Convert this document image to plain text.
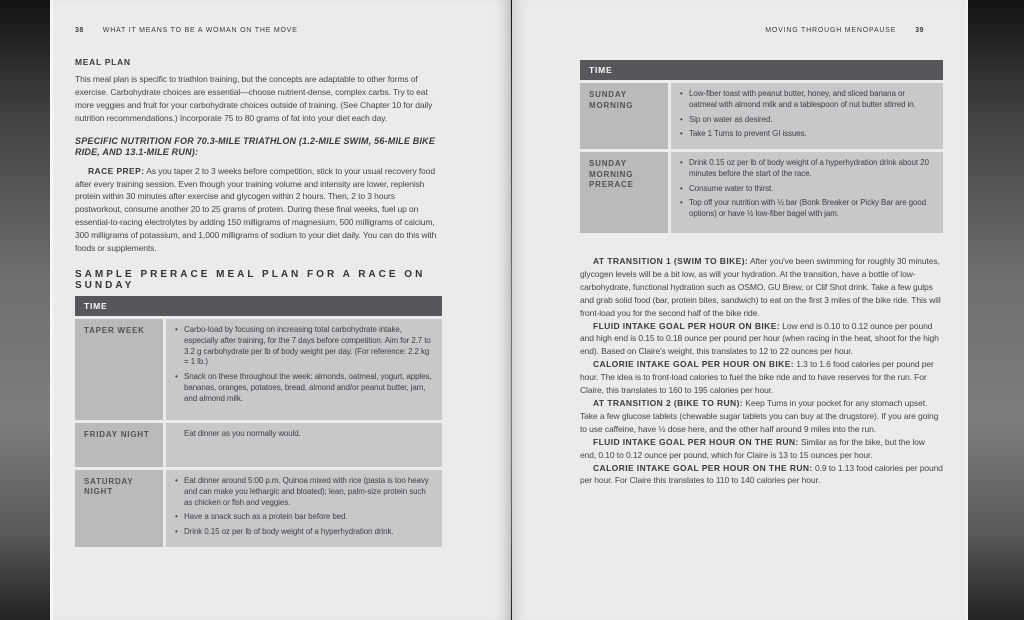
38	WHAT IT MEANS TO BE A WOMAN ON THE MOVE
MEAL PLAN

This meal plan is specific to triathlon training, but the concepts are adaptable to other forms of exercise. Carbohydrate choices are essential—choose nutrient-dense, complex carbs. Try to eat more veggies and fruit for your carbohydrate choices outside of training. (See Chapter 10 for daily nutrition recommendations.) Incorporate 75 to 80 grams of fat into your diet each day.

SPECIFIC NUTRITION FOR 70.3-MILE TRIATHLON (1.2-MILE SWIM, 56-MILE BIKE RIDE, AND 13.1-MILE RUN):

RACE PREP: As you taper 2 to 3 weeks before competition, stick to your usual recovery food after every training session. Even though your training volume and intensity are lower, replenish protein within 30 minutes after exercise and glycogen within 2 hours. Then, 2 to 3 hours postworkout, consume another 20 to 25 grams of protein. During these final weeks, fuel up on essential-to-racing electrolytes by adding 150 milligrams of magnesium, 500 milligrams of calcium, 300 milligrams of potassium, and 1,000 milligrams of sodium to your diet daily. You can do this with foods or supplements.

SAMPLE PRERACE MEAL PLAN FOR A RACE ON SUNDAY
TIME
TAPER WEEK	• Carbo-load by focusing on increasing total carbohydrate intake, especially after training, for the 7 days before competition. Aim for 2.7 to 3.2 g carbohydrate per lb of body weight per day. (For reference: 2.2 kg = 1 lb.)
• Snack on these throughout the week: almonds, oatmeal, yogurt, apples, bananas, oranges, potatoes, bread, almond and/or peanut butter, jam, and almond milk.
FRIDAY NIGHT	Eat dinner as you normally would.
SATURDAY NIGHT
• Eat dinner around 5:00 p.m. Quinoa mixed with rice (pasta is too heavy and can make you lethargic and bloated); lean, palm-size protein such as chicken or fish and veggies.
• Have a snack such as a protein bar before bed.
• Drink 0.15 oz per lb of body weight of a hyperhydration drink.
MOVING THROUGH MENOPAUSE	39
TIME
SUNDAY MORNING
• Low-fiber toast with peanut butter, honey, and sliced banana or oatmeal with almond milk and a tablespoon of nut butter stirred in.
• Sip on water as desired.
• Take 1 Tums to prevent GI issues.
SUNDAY MORNING PRERACE
• Drink 0.15 oz per lb of body weight of a hyperhydration drink about 20 minutes before the start of the race.
• Consume water to thirst.
• Top off your nutrition with ½ bar (Bonk Breaker or Picky Bar are good options) or have ½ low-fiber bagel with jam.

AT TRANSITION 1 (SWIM TO BIKE): After you've been swimming for roughly 30 minutes, glycogen levels will be a bit low, as will your hydration. At the transition, have a bottle of low-carbohydrate, functional hydration such as OSMO, GU Brew, or Clif Shot drink. Take a few gulps and grab solid food (bar, protein bites, sandwich) to eat on the first 3 miles of the bike ride. This will front-load you for the second half of the bike ride.

FLUID INTAKE GOAL PER HOUR ON BIKE: Low end is 0.10 to 0.12 ounce per pound and high end is 0.15 to 0.18 ounce per pound per hour (when racing in the heat, shoot for the high end). Based on Claire's weight, this translates to 12 to 22 ounces per hour.

CALORIE INTAKE GOAL PER HOUR ON BIKE: 1.3 to 1.6 food calories per pound per hour. The idea is to front-load calories to fuel the bike ride and to have reserves for the run. For Claire, this translates to 160 to 195 calories per hour.

AT TRANSITION 2 (BIKE TO RUN): Keep Tums in your pocket for any stomach upset. Take a few glucose tablets (chewable sugar tablets you can buy at the drugstore). If you are going to use caffeine, have ½ dose here, and the other half around 9 miles into the run.

FLUID INTAKE GOAL PER HOUR ON THE RUN: Similar as for the bike, but the low end, 0.10 to 0.12 ounce per pound, which for Claire is 13 to 15 ounces per hour.

CALORIE INTAKE GOAL PER HOUR ON THE RUN: 0.9 to 1.13 food calories per pound per hour. For Claire this translates to 110 to 140 calories per hour.
